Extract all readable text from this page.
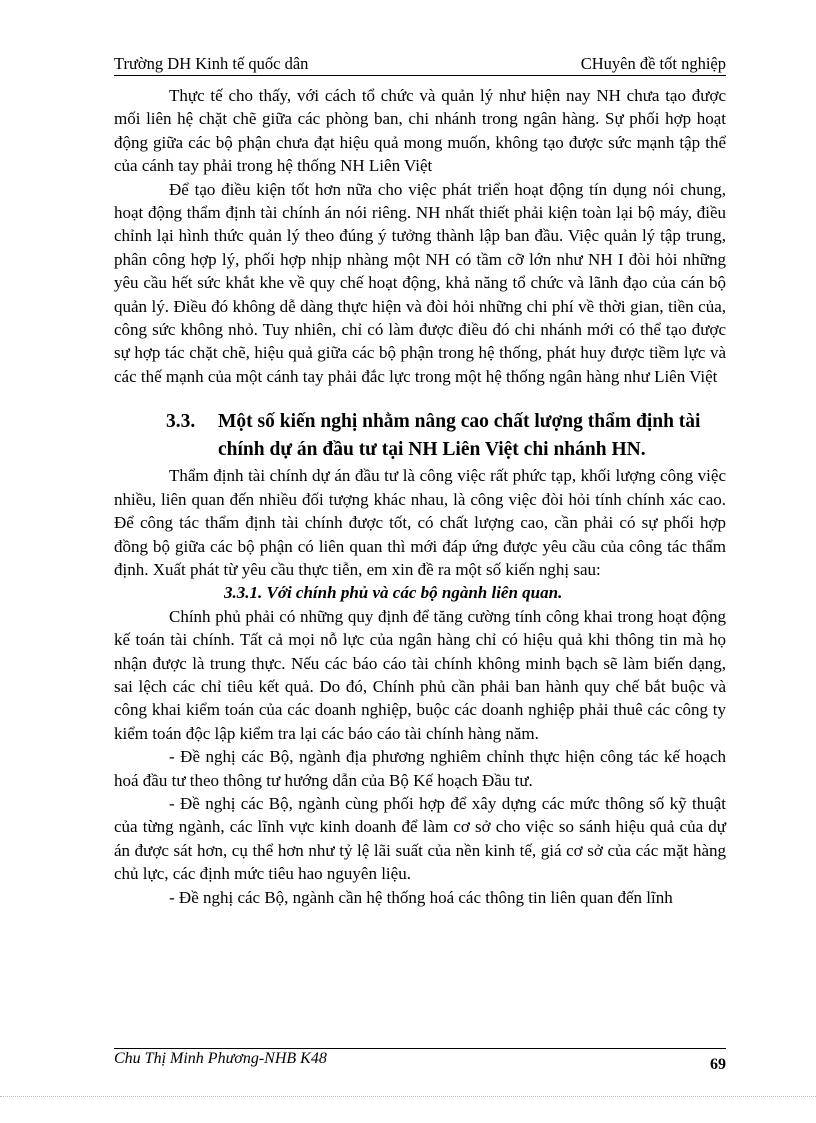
Trường DH Kinh tế quốc dân	CHuyên đề tốt nghiệp

Thực tế cho thấy, với cách tổ chức và quản lý như hiện nay NH chưa tạo được mối liên hệ chặt chẽ giữa các phòng ban, chi nhánh trong ngân hàng. Sự phối hợp hoạt động giữa các bộ phận chưa đạt hiệu quả mong muốn, không tạo được sức mạnh tập thể của cánh tay phải trong hệ thống NH Liên Việt

Để tạo điều kiện tốt hơn nữa cho việc phát triển hoạt động tín dụng nói chung, hoạt động thẩm định tài chính án nói riêng. NH nhất thiết phải kiện toàn lại bộ máy, điều chỉnh lại hình thức quản lý theo đúng ý tưởng thành lập ban đầu. Việc quản lý tập trung, phân công hợp lý, phối hợp nhịp nhàng một NH có tầm cỡ lớn như NH I đòi hỏi những yêu cầu hết sức khắt khe về quy chế hoạt động, khả năng tổ chức và lãnh đạo của cán bộ quản lý. Điều đó không dễ dàng thực hiện và đòi hỏi những chi phí về thời gian, tiền của, công sức không nhỏ. Tuy nhiên, chỉ có làm được điều đó chi nhánh mới có thể tạo được sự hợp tác chặt chẽ, hiệu quả giữa các bộ phận trong hệ thống, phát huy được tiềm lực và các thế mạnh của một cánh tay phải đắc lực trong một hệ thống ngân hàng như Liên Việt

3.3.	Một số kiến nghị nhằm nâng cao chất lượng thẩm định tài chính dự án đầu tư tại NH Liên Việt chi nhánh HN.

Thẩm định tài chính dự án đầu tư là công việc rất phức tạp, khối lượng công việc nhiều, liên quan đến nhiều đối tượng khác nhau, là công việc đòi hỏi tính chính xác cao. Để công tác thẩm định tài chính được tốt, có chất lượng cao, cần phải có sự phối hợp đồng bộ giữa các bộ phận có liên quan thì mới đáp ứng được yêu cầu của công tác thẩm định. Xuất phát từ yêu cầu thực tiễn, em xin đề ra một số kiến nghị sau:

3.3.1. Với chính phủ và các bộ ngành liên quan.

Chính phủ phải có những quy định để tăng cường tính công khai trong hoạt động kế toán tài chính. Tất cả mọi nỗ lực của ngân hàng chỉ có hiệu quả khi thông tin mà họ nhận được là trung thực. Nếu các báo cáo tài chính không minh bạch sẽ làm biến dạng, sai lệch các chỉ tiêu kết quả. Do đó, Chính phủ cần phải ban hành quy chế bắt buộc và công khai kiểm toán của các doanh nghiệp, buộc các doanh nghiệp phải thuê các công ty kiểm toán độc lập kiểm tra lại các báo cáo tài chính hàng năm.

- Đề nghị các Bộ, ngành địa phương nghiêm chỉnh thực hiện công tác kế hoạch hoá đầu tư theo thông tư hướng dẫn của Bộ Kế hoạch Đầu tư.

- Đề nghị các Bộ, ngành cùng phối hợp để xây dựng các mức thông số kỹ thuật của từng ngành, các lĩnh vực kinh doanh để làm cơ sở cho việc so sánh hiệu quả của dự án được sát hơn, cụ thể hơn như tỷ lệ lãi suất của nền kinh tế, giá cơ sở của các mặt hàng chủ lực, các định mức tiêu hao nguyên liệu.

- Đề nghị các Bộ, ngành cần hệ thống hoá các thông tin liên quan đến lĩnh

Chu Thị Minh Phương-NHB K48	69
